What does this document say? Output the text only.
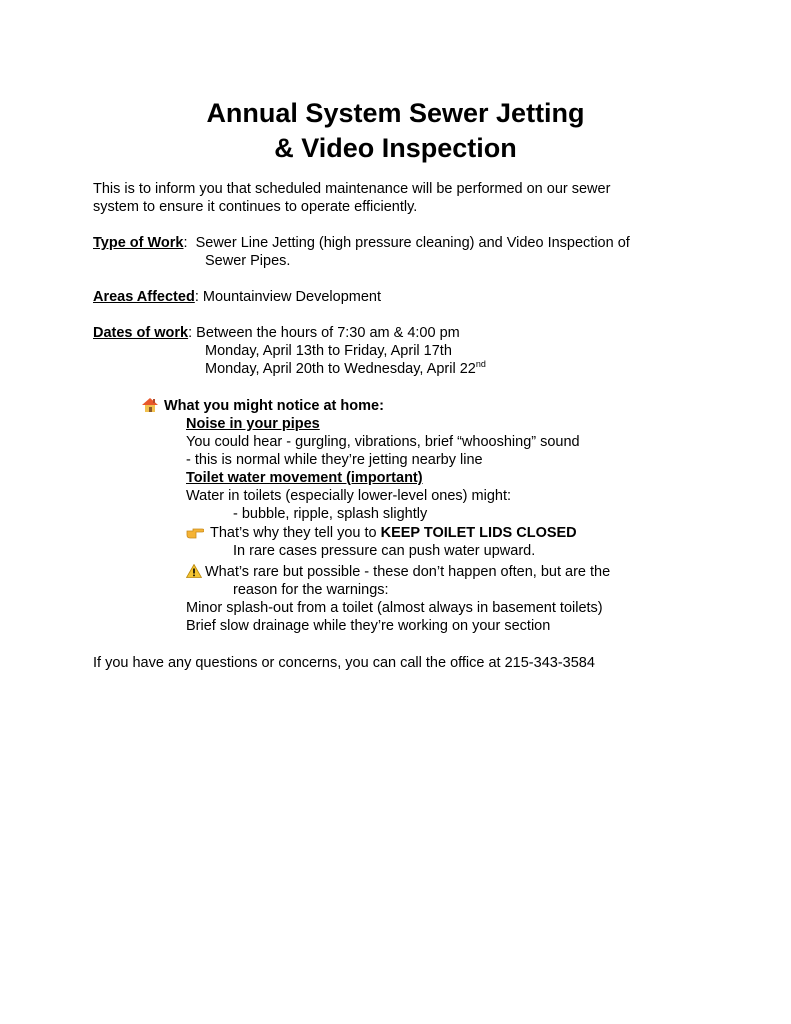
Annual System Sewer Jetting
& Video Inspection
This is to inform you that scheduled maintenance will be performed on our sewer
system to ensure it continues to operate efficiently.
Type of Work: Sewer Line Jetting (high pressure cleaning) and Video Inspection of
Sewer Pipes.
Areas Affected: Mountainview Development
Dates of work: Between the hours of 7:30 am & 4:00 pm
Monday, April 13th to Friday, April 17th
Monday, April 20th to Wednesday, April 22nd
What you might notice at home:
Noise in your pipes
You could hear - gurgling, vibrations, brief “whooshing” sound
- this is normal while they’re jetting nearby line
Toilet water movement (important)
Water in toilets (especially lower-level ones) might:
- bubble, ripple, splash slightly
That’s why they tell you to KEEP TOILET LIDS CLOSED
In rare cases pressure can push water upward.
What’s rare but possible - these don’t happen often, but are the
reason for the warnings:
Minor splash-out from a toilet (almost always in basement toilets)
Brief slow drainage while they’re working on your section
If you have any questions or concerns, you can call the office at 215-343-3584
